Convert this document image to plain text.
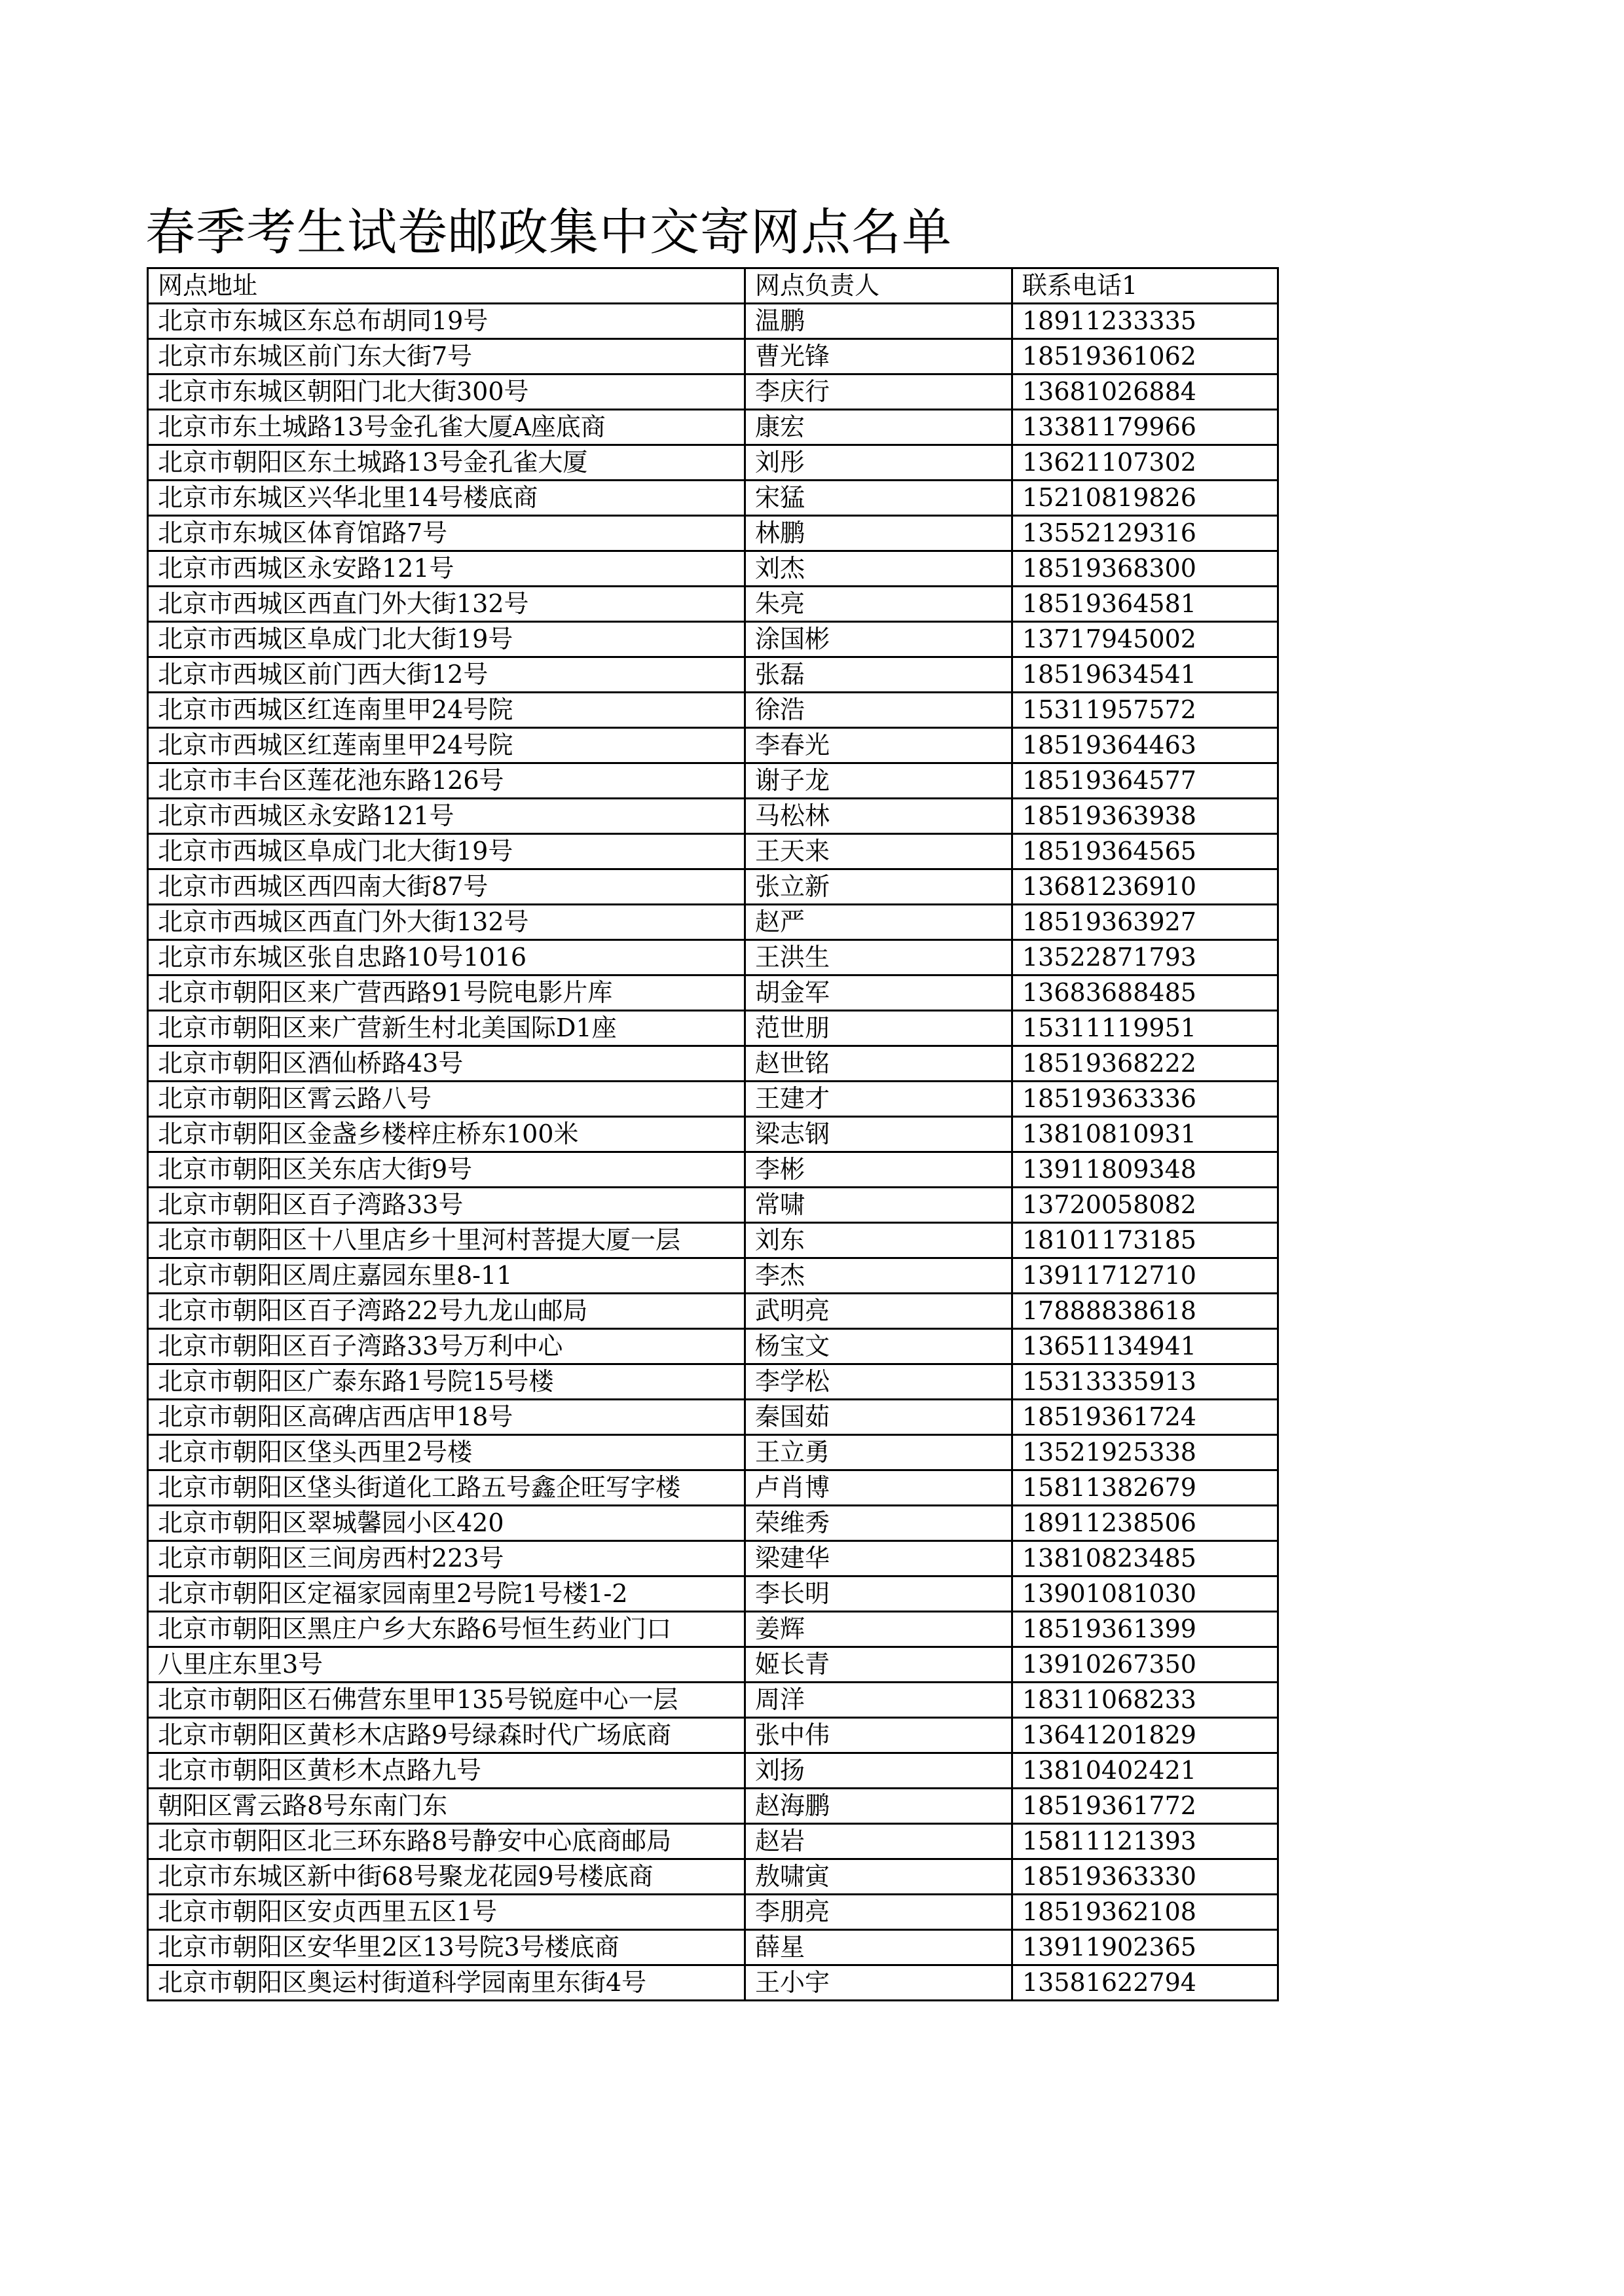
春季考生试卷邮政集中交寄网点名单
网点地址	网点负责人	联系电话1
北京市东城区东总布胡同19号	温鹏	18911233335
北京市东城区前门东大街7号	曹光锋	18519361062
北京市东城区朝阳门北大街300号	李庆行	13681026884
北京市东土城路13号金孔雀大厦A座底商	康宏	13381179966
北京市朝阳区东土城路13号金孔雀大厦	刘彤	13621107302
北京市东城区兴华北里14号楼底商	宋猛	15210819826
北京市东城区体育馆路7号	林鹏	13552129316
北京市西城区永安路121号	刘杰	18519368300
北京市西城区西直门外大街132号	朱亮	18519364581
北京市西城区阜成门北大街19号	涂国彬	13717945002
北京市西城区前门西大街12号	张磊	18519634541
北京市西城区红连南里甲24号院	徐浩	15311957572
北京市西城区红莲南里甲24号院	李春光	18519364463
北京市丰台区莲花池东路126号	谢子龙	18519364577
北京市西城区永安路121号	马松林	18519363938
北京市西城区阜成门北大街19号	王天来	18519364565
北京市西城区西四南大街87号	张立新	13681236910
北京市西城区西直门外大街132号	赵严	18519363927
北京市东城区张自忠路10号1016	王洪生	13522871793
北京市朝阳区来广营西路91号院电影片库	胡金军	13683688485
北京市朝阳区来广营新生村北美国际D1座	范世朋	15311119951
北京市朝阳区酒仙桥路43号	赵世铭	18519368222
北京市朝阳区霄云路八号	王建才	18519363336
北京市朝阳区金盏乡楼梓庄桥东100米	梁志钢	13810810931
北京市朝阳区关东店大街9号	李彬	13911809348
北京市朝阳区百子湾路33号	常啸	13720058082
北京市朝阳区十八里店乡十里河村菩提大厦一层	刘东	18101173185
北京市朝阳区周庄嘉园东里8-11	李杰	13911712710
北京市朝阳区百子湾路22号九龙山邮局	武明亮	17888838618
北京市朝阳区百子湾路33号万利中心	杨宝文	13651134941
北京市朝阳区广泰东路1号院15号楼	李学松	15313335913
北京市朝阳区高碑店西店甲18号	秦国茹	18519361724
北京市朝阳区垡头西里2号楼	王立勇	13521925338
北京市朝阳区垡头街道化工路五号鑫企旺写字楼	卢肖博	15811382679
北京市朝阳区翠城馨园小区420	荣维秀	18911238506
北京市朝阳区三间房西村223号	梁建华	13810823485
北京市朝阳区定福家园南里2号院1号楼1-2	李长明	13901081030
北京市朝阳区黑庄户乡大东路6号恒生药业门口	姜辉	18519361399
八里庄东里3号	姬长青	13910267350
北京市朝阳区石佛营东里甲135号锐庭中心一层	周洋	18311068233
北京市朝阳区黄杉木店路9号绿森时代广场底商	张中伟	13641201829
北京市朝阳区黄杉木点路九号	刘扬	13810402421
朝阳区霄云路8号东南门东	赵海鹏	18519361772
北京市朝阳区北三环东路8号静安中心底商邮局	赵岩	15811121393
北京市东城区新中街68号聚龙花园9号楼底商	敖啸寅	18519363330
北京市朝阳区安贞西里五区1号	李朋亮	18519362108
北京市朝阳区安华里2区13号院3号楼底商	薛星	13911902365
北京市朝阳区奥运村街道科学园南里东街4号	王小宇	13581622794
